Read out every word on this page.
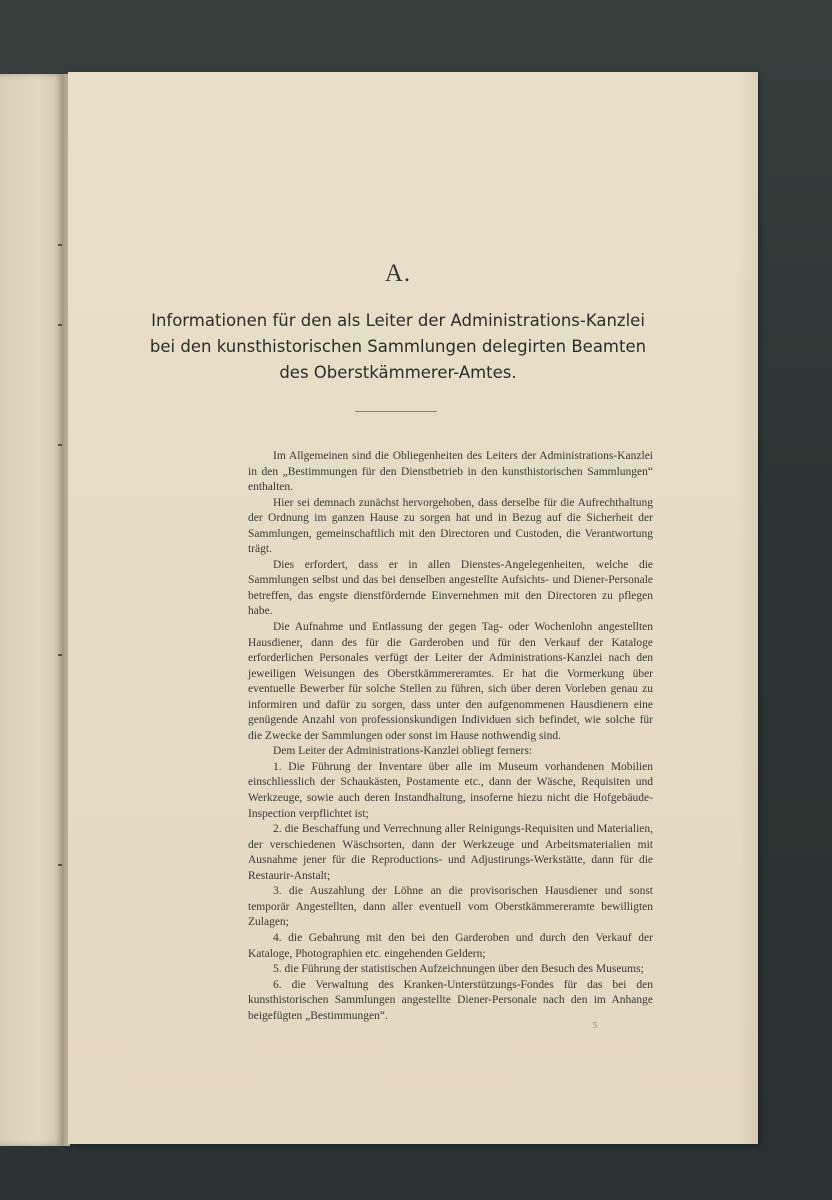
A.
Informationen für den als Leiter der Administrations-Kanzlei
bei den kunsthistorischen Sammlungen delegirten Beamten
des Oberstkämmerer-Amtes.

Im Allgemeinen sind die Obliegenheiten des Leiters der Administrations-Kanzlei in den „Bestimmungen für den Dienstbetrieb in den kunsthistorischen Sammlungen“ enthalten.

Hier sei demnach zunächst hervorgehoben, dass derselbe für die Aufrechthaltung der Ordnung im ganzen Hause zu sorgen hat und in Bezug auf die Sicherheit der Sammlungen, gemeinschaftlich mit den Directoren und Custoden, die Verantwortung trägt.

Dies erfordert, dass er in allen Dienstes-Angelegenheiten, welche die Sammlungen selbst und das bei denselben angestellte Aufsichts- und Diener-Personale betreffen, das engste dienstfördernde Einvernehmen mit den Directoren zu pflegen habe.

Die Aufnahme und Entlassung der gegen Tag- oder Wochenlohn angestellten Hausdiener, dann des für die Garderoben und für den Verkauf der Kataloge erforderlichen Personales verfügt der Leiter der Administrations-Kanzlei nach den jeweiligen Weisungen des Oberstkämmereramtes. Er hat die Vormerkung über eventuelle Bewerber für solche Stellen zu führen, sich über deren Vorleben genau zu informiren und dafür zu sorgen, dass unter den aufgenommenen Hausdienern eine genügende Anzahl von professionskundigen Individuen sich befindet, wie solche für die Zwecke der Sammlungen oder sonst im Hause nothwendig sind.

Dem Leiter der Administrations-Kanzlei obliegt ferners:

1. Die Führung der Inventare über alle im Museum vorhandenen Mobilien einschliesslich der Schaukästen, Postamente etc., dann der Wäsche, Requisiten und Werkzeuge, sowie auch deren Instandhaltung, insoferne hiezu nicht die Hofgebäude-Inspection verpflichtet ist;

2. die Beschaffung und Verrechnung aller Reinigungs-Requisiten und Materialien, der verschiedenen Wäschsorten, dann der Werkzeuge und Arbeitsmaterialien mit Ausnahme jener für die Reproductions- und Adjustirungs-Werkstätte, dann für die Restaurir-Anstalt;

3. die Auszahlung der Löhne an die provisorischen Hausdiener und sonst temporär Angestellten, dann aller eventuell vom Oberstkämmereramte bewilligten Zulagen;

4. die Gebahrung mit den bei den Garderoben und durch den Verkauf der Kataloge, Photographien etc. eingehenden Geldern;

5. die Führung der statistischen Aufzeichnungen über den Besuch des Museums;

6. die Verwaltung des Kranken-Unterstützungs-Fondes für das bei den kunsthistorischen Sammlungen angestellte Diener-Personale nach den im Anhange beigefügten „Bestimmungen“.

5
